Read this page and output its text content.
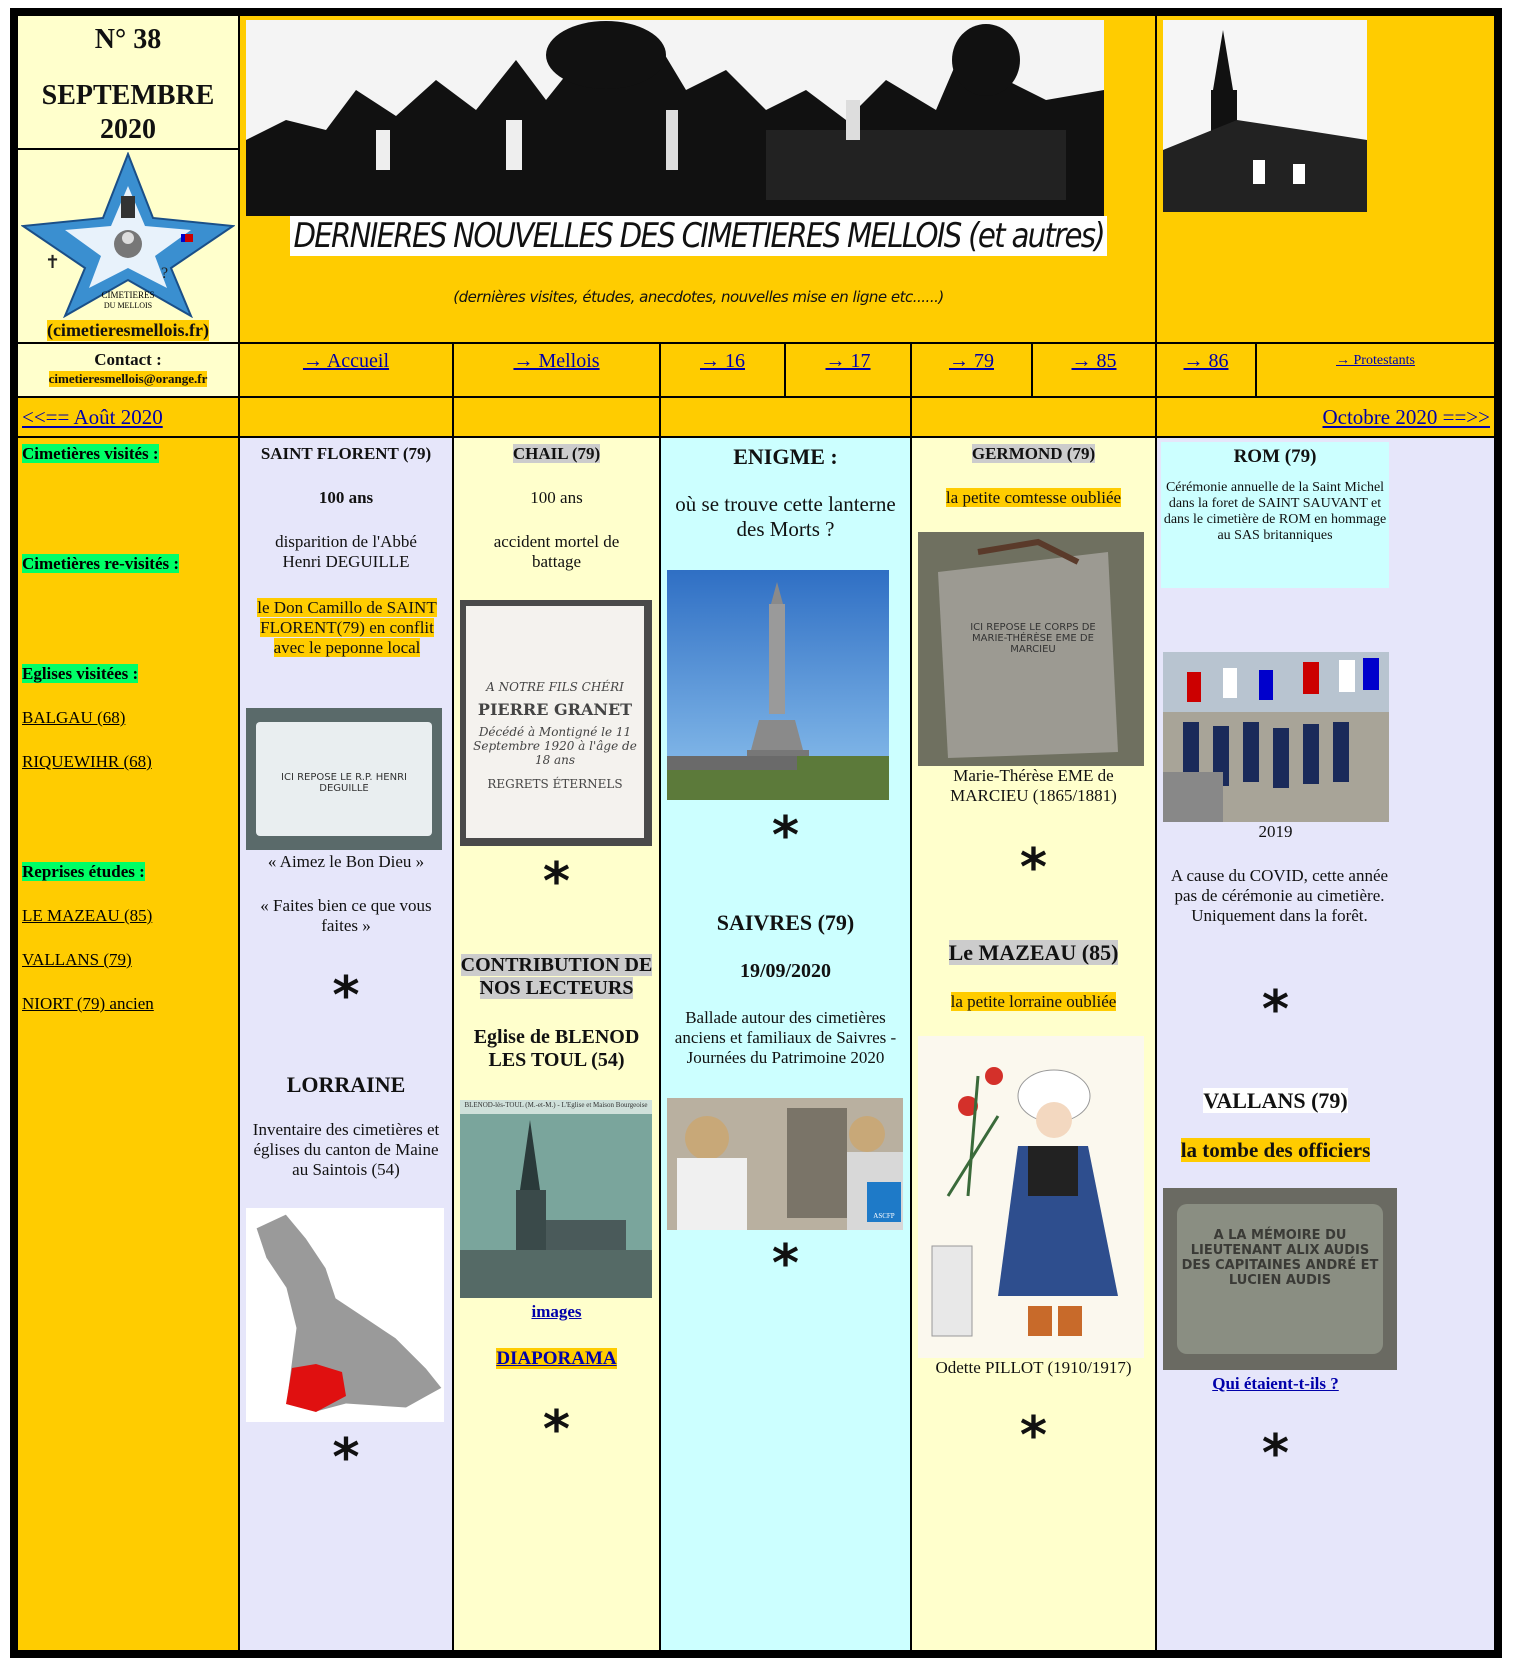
N° 38
SEPTEMBRE
2020
CIMETIERES
DU MELLOIS
✝
?
(cimetieresmellois.fr)
DERNIERES NOUVELLES DES CIMETIERES MELLOIS (et autres)
(dernières visites, études, anecdotes, nouvelles mise en ligne etc......)
Contact :
cimetieresmellois@orange.fr
→ Accueil	→ Mellois	→ 16	→ 17	→ 79	→ 85	→ 86	→ Protestants
<<== Août 2020	Octobre 2020 ==>>
Cimetières visités :
Cimetières re-visités :
Eglises visitées :
BALGAU (68)
RIQUEWIHR (68)
Reprises études :
LE MAZEAU (85)
VALLANS (79)
NIORT (79) ancien
SAINT FLORENT (79)
100 ans
disparition de l'Abbé Henri DEGUILLE
le Don Camillo de SAINT FLORENT(79) en conflit avec le peponne local
ICI REPOSE LE R.P. HENRI DEGUILLE
« Aimez le Bon Dieu »
« Faites bien ce que vous faites »
*
LORRAINE
Inventaire des cimetières et églises du canton de Maine au Saintois (54)
*
CHAIL (79)
100 ans
accident mortel de battage
A NOTRE FILS CHÉRI
PIERRE GRANET
Décédé à Montigné le 11 Septembre 1920 à l'âge de 18 ans
REGRETS ÉTERNELS
*
CONTRIBUTION DE NOS LECTEURS
Eglise de BLENOD LES TOUL (54)
BLENOD-lès-TOUL (M.-et-M.) - L'Eglise et Maison Bourgeoise
images
DIAPORAMA
*
ENIGME :
où se trouve cette lanterne des Morts ?
*
SAIVRES (79)
19/09/2020
Ballade autour des cimetières anciens et familiaux de Saivres - Journées du Patrimoine 2020
ASCFP
*
GERMOND (79)
la petite comtesse oubliée
ICI REPOSE LE CORPS DE MARIE-THÉRÈSE EME DE MARCIEU
Marie-Thérèse EME de MARCIEU (1865/1881)
*
Le MAZEAU (85)
la petite lorraine oubliée
Odette PILLOT (1910/1917)
*
ROM (79)
Cérémonie annuelle de la Saint Michel dans la foret de SAINT SAUVANT et dans le cimetière de ROM en hommage au SAS britanniques
2019
A cause du COVID, cette année pas de cérémonie au cimetière. Uniquement dans la forêt.
*
VALLANS (79)
la tombe des officiers
A LA MÉMOIRE DU LIEUTENANT ALIX AUDIS DES CAPITAINES ANDRÉ ET LUCIEN AUDIS
Qui étaient-t-ils ?
*
